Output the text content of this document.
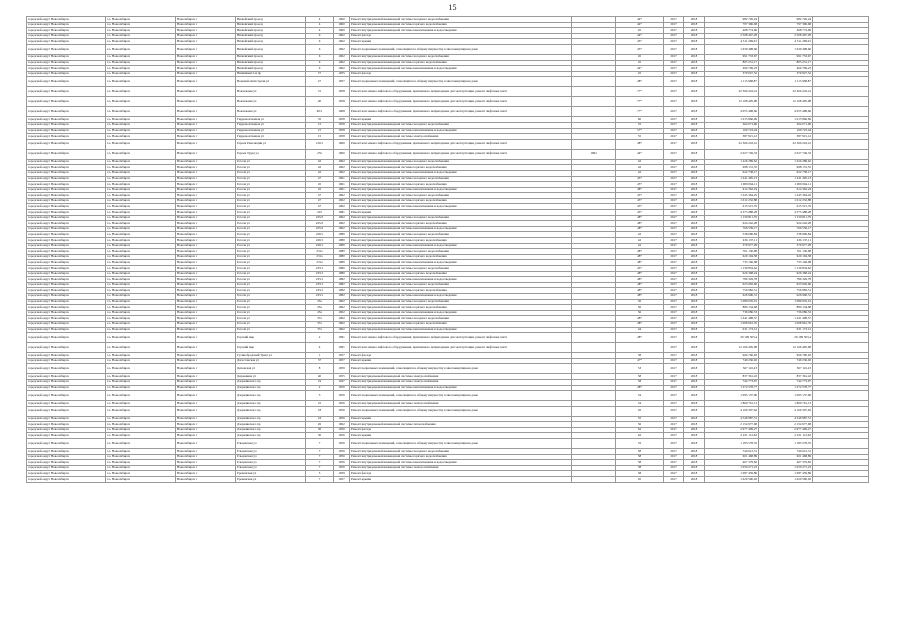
15
городской округ Новосибирск	г.о. Новосибирск	Новосибирск г	Вилюйский проезд	4	1960	Ремонт внутридомовой инженерной системы холодного водоснабжения		44*	2017	2018	982 726,24	982 726,24	
городской округ Новосибирск	г.о. Новосибирск	Новосибирск г	Вилюйский проезд	4	1960	Ремонт внутридомовой инженерной системы горячего водоснабжения		44*	2017	2018	797 396,68	797 396,68	
городской округ Новосибирск	г.о. Новосибирск	Новосибирск г	Вилюйский проезд	4	1960	Ремонт внутридомовой инженерной системы канализования и водоотведения		45	2017	2018	468 774,96	468 774,96	
городской округ Новосибирск	г.о. Новосибирск	Новосибирск г	Вилюйский проезд	6	1962	Ремонт фасада		44*	2017	2018	2 508 467,28	2 508 467,28	
городской округ Новосибирск	г.о. Новосибирск	Новосибирск г	Вилюйский проезд	6	1962	Ремонт крыши		45*	2017	2018	4 311 269,91	4 311 269,91	
городской округ Новосибирск	г.о. Новосибирск	Новосибирск г	Вилюйский проезд	6	1962	Ремонт подвальных помещений, относящихся к общему имуществу в многоквартирном доме		45*	2017	2018	1 639 498,66	1 639 498,66	
городской округ Новосибирск	г.о. Новосибирск	Новосибирск г	Вилюйский проезд	6	1962	Ремонт внутридомовой инженерной системы холодного водоснабжения		45	2017	2018	991 733,67	991 733,67	
городской округ Новосибирск	г.о. Новосибирск	Новосибирск г	Вилюйский проезд	6	1962	Ремонт внутридомовой инженерной системы горячего водоснабжения		45	2017	2018	805 231,17	805 231,17	
городской округ Новосибирск	г.о. Новосибирск	Новосибирск г	Вилюйский проезд	6	1962	Ремонт внутридомовой инженерной системы канализования и водоотведения		44*	2017	2018	466 769,23	466 769,23	
городской округ Новосибирск	г.о. Новосибирск	Новосибирск г	Вишнёвый 2-й пр	57	1955	Ремонт фасада		45	2017	2018	379 027,52	379 027,52	
городской округ Новосибирск	г.о. Новосибирск	Новосибирск г	Военной магистрали ул	27	1957	Ремонт подвальных помещений, относящихся к общему имуществу в многоквартирном доме		48*	2017	2018	1 115 968,87	1 115 968,87	
городской округ Новосибирск	г.о. Новосибирск	Новосибирск г	Вокзальная ул	31	1958	Ремонт или замена лифтового оборудования, признанного непригодным для эксплуатации, ремонт лифтовых шахт		77*	2017	2018	22 366 243,41	22 366 243,41	
городской округ Новосибирск	г.о. Новосибирск	Новосибирск г	Вокзальная ул	40	1958	Ремонт или замена лифтового оборудования, признанного непригодным для эксплуатации, ремонт лифтовых шахт		77*	2017	2018	12 168 495,98	12 168 495,98	
городской округ Новосибирск	г.о. Новосибирск	Новосибирск г	Вокзальная ул	40/1	1968	Ремонт или замена лифтового оборудования, признанного непригодным для эксплуатации, ремонт лифтовых шахт		77*	2017	2018	4 055 498,66	4 055 498,66	
городской округ Новосибирск	г.о. Новосибирск	Новосибирск г	Гидромонтажная ул	35	1958	Ремонт крыши		60	2017	2018	1 015 866,69	1 015 866,69	
городской округ Новосибирск	г.о. Новосибирск	Новосибирск г	Гидромонтажная ул	15	1958	Ремонт внутридомовой инженерной системы холодного водоснабжения		55	2017	2018	364 071,96	364 071,96	
городской округ Новосибирск	г.о. Новосибирск	Новосибирск г	Гидромонтажная ул	15	1958	Ремонт внутридомовой инженерной системы канализования и водоотведения		57*	2017	2018	169 723,44	169 723,44	
городской округ Новосибирск	г.о. Новосибирск	Новосибирск г	Гидромонтажная ул	15	1958	Ремонт внутридомовой инженерной системы электроснабжения		55	2017	2018	387 915,12	387 915,12	
городской округ Новосибирск	г.о. Новосибирск	Новосибирск г	Героев Революции ул	120/1	1960	Ремонт или замена лифтового оборудования, признанного непригодным для эксплуатации, ремонт лифтовых шахт		48*	2017	2018	22 366 243,41	22 366 243,41	
городской округ Новосибирск	г.о. Новосибирск	Новосибирск г	Героев Труда ул	27к	1960	Ремонт или замена лифтового оборудования, признанного непригодным для эксплуатации, ремонт лифтовых шахт	1992	44*	2017	2018	2 027 749,33	2 027 749,33	
городской округ Новосибирск	г.о. Новосибирск	Новосибирск г	Гоголя ул	42	1962	Ремонт внутридомовой инженерной системы холодного водоснабжения		42	2017	2018	1 226 289,62	1 226 289,62	
городской округ Новосибирск	г.о. Новосибирск	Новосибирск г	Гоголя ул	42	1962	Ремонт внутридомовой инженерной системы горячего водоснабжения		42	2017	2018	998 131,55	998 131,55	
городской округ Новосибирск	г.о. Новосибирск	Новосибирск г	Гоголя ул	42	1962	Ремонт внутридомовой инженерной системы канализования и водоотведения		42	2017	2018	622 738,17	622 738,17	
городской округ Новосибирск	г.о. Новосибирск	Новосибирск г	Гоголя ул	47	1961	Ремонт внутридомовой инженерной системы холодного водоснабжения		45*	2017	2018	1 241 495,13	1 241 495,13	
городской округ Новосибирск	г.о. Новосибирск	Новосибирск г	Гоголя ул	45	1961	Ремонт внутридомовой инженерной системы горячего водоснабжения		45*	2017	2018	1 009 064,11	1 009 064,11	
городской округ Новосибирск	г.о. Новосибирск	Новосибирск г	Гоголя ул	45	1961	Ремонт внутридомовой инженерной системы канализования и водоотведения		48*	2017	2018	614 362,24	614 362,24	
городской округ Новосибирск	г.о. Новосибирск	Новосибирск г	Гоголя ул	47	1962	Ремонт внутридомовой инженерной системы холодного водоснабжения		45*	2017	2018	1 245 364,45	1 245 364,45	
городской округ Новосибирск	г.о. Новосибирск	Новосибирск г	Гоголя ул	47	1962	Ремонт внутридомовой инженерной системы горячего водоснабжения		45*	2017	2018	1 012 232,88	1 012 232,88	
городской округ Новосибирск	г.о. Новосибирск	Новосибирск г	Гоголя ул	47	1962	Ремонт внутридомовой инженерной системы канализования и водоотведения		45*	2017	2018	615 515,76	615 515,76	
городской округ Новосибирск	г.о. Новосибирск	Новосибирск г	Гоголя ул	225	1981	Ремонт крыши		45*	2017	2018	4 373 488,28	4 373 488,28	
городской округ Новосибирск	г.о. Новосибирск	Новосибирск г	Гоголя ул	225/2	1962	Ремонт внутридомовой инженерной системы холодного водоснабжения		48*	2017	2018	1 150 811,79	1 150 811,79	
городской округ Новосибирск	г.о. Новосибирск	Новосибирск г	Гоголя ул	225/2	1962	Ремонт внутридомовой инженерной системы горячего водоснабжения		48*	2017	2018	924 242,28	924 242,28	
городской округ Новосибирск	г.о. Новосибирск	Новосибирск г	Гоголя ул	225/2	1962	Ремонт внутридомовой инженерной системы канализования и водоотведения		48*	2017	2018	766 539,17	766 539,17	
городской округ Новосибирск	г.о. Новосибирск	Новосибирск г	Гоголя ул	229/1	1980	Ремонт внутридомовой инженерной системы холодного водоснабжения		42	2017	2018	538 096,84	538 096,84	
городской округ Новосибирск	г.о. Новосибирск	Новосибирск г	Гоголя ул	229/1	1980	Ремонт внутридомовой инженерной системы горячего водоснабжения		42	2017	2018	436 137,11	436 137,11	
городской округ Новосибирск	г.о. Новосибирск	Новосибирск г	Гоголя ул	229/1	1980	Ремонт внутридомовой инженерной системы канализования и водоотведения		42	2017	2018	379 977,28	379 977,28	
городской округ Новосибирск	г.о. Новосибирск	Новосибирск г	Гоголя ул	231а	1980	Ремонт внутридомовой инженерной системы холодного водоснабжения		48*	2017	2018	761 130,98	761 130,98	
городской округ Новосибирск	г.о. Новосибирск	Новосибирск г	Гоголя ул	231а	1980	Ремонт внутридомовой инженерной системы горячего водоснабжения		48*	2017	2018	620 194,58	620 194,58	
городской округ Новосибирск	г.о. Новосибирск	Новосибирск г	Гоголя ул	231а	1980	Ремонт внутридомовой инженерной системы канализования и водоотведения		48*	2017	2018	733 166,08	733 166,08	
городской округ Новосибирск	г.о. Новосибирск	Новосибирск г	Гоголя ул	233/1	1980	Ремонт внутридомовой инженерной системы холодного водоснабжения		45*	2017	2018	1 139 834,62	1 139 834,62	
городской округ Новосибирск	г.о. Новосибирск	Новосибирск г	Гоголя ул	233/1	1980	Ремонт внутридомовой инженерной системы горячего водоснабжения		48*	2017	2018	926 368,24	926 368,24	
городской округ Новосибирск	г.о. Новосибирск	Новосибирск г	Гоголя ул	233/1	1982	Ремонт внутридомовой инженерной системы канализования и водоотведения		48*	2017	2018	786 329,78	786 329,78	
городской округ Новосибирск	г.о. Новосибирск	Новосибирск г	Гоголя ул	233/1	1982	Ремонт внутридомовой инженерной системы холодного водоснабжения		48*	2017	2018	923 602,66	923 602,66	
городской округ Новосибирск	г.о. Новосибирск	Новосибирск г	Гоголя ул	233/1	1982	Ремонт внутридомовой инженерной системы горячего водоснабжения		48*	2017	2018	756 982,51	756 982,51	
городской округ Новосибирск	г.о. Новосибирск	Новосибирск г	Гоголя ул	233/1	1982	Ремонт внутридомовой инженерной системы канализования и водоотведения		48*	2017	2018	626 906,31	626 906,31	
городской округ Новосибирск	г.о. Новосибирск	Новосибирск г	Гоголя ул	23а	1962	Ремонт внутридомовой инженерной системы холодного водоснабжения		56	2017	2018	1 089 635,01	1 089 635,01	
городской округ Новосибирск	г.о. Новосибирск	Новосибирск г	Гоголя ул	23а	1962	Ремонт внутридомовой инженерной системы горячего водоснабжения		56	2017	2018	880 134,68	880 134,68	
городской округ Новосибирск	г.о. Новосибирск	Новосибирск г	Гоголя ул	23а	1962	Ремонт внутридомовой инженерной системы канализования и водоотведения		56	2017	2018	736 086,53	736 086,53	
городской округ Новосибирск	г.о. Новосибирск	Новосибирск г	Гоголя ул	37а	1962	Ремонт внутридомовой инженерной системы холодного водоснабжения		48*	2017	2018	1 241 498,57	1 241 498,57	
городской округ Новосибирск	г.о. Новосибирск	Новосибирск г	Гоголя ул	37а	1962	Ремонт внутридомовой инженерной системы горячего водоснабжения		48*	2017	2018	1 008 961,35	1 008 961,35	
городской округ Новосибирск	г.о. Новосибирск	Новосибирск г	Гоголя ул	37а	1962	Ремонт внутридомовой инженерной системы канализования и водоотведения		44	2017	2018	631 173,12	631 173,12	
городской округ Новосибирск	г.о. Новосибирск	Новосибирск г	Горский мкр	2	1991	Ремонт или замена лифтового оборудования, признанного непригодным для эксплуатации, ремонт лифтовых шахт		48*	2017	2018	29 199 503,4	29 199 503,4	
городской округ Новосибирск	г.о. Новосибирск	Новосибирск г	Горский мкр	4	1991	Ремонт или замена лифтового оборудования, признанного непригодным для эксплуатации, ремонт лифтовых шахт			2017	2018	12 166 495,98	12 166 495,98	
городской округ Новосибирск	г.о. Новосибирск	Новосибирск г	Гусинобродский Тракт ул	1	1957	Ремонт фасада		58	2017	2018	966 760,92	966 760,92	
городской округ Новосибирск	г.о. Новосибирск	Новосибирск г	Дагестанская ул	37	1957	Ремонт крыши		47*	2017	2018	749 236,92	749 236,92	
городской округ Новосибирск	г.о. Новосибирск	Новосибирск г	Деповская ул	8	1959	Ремонт подвальных помещений, относящихся к общему имуществу в многоквартирном доме		53	2017	2018	367 116,23	367 116,23	
городской округ Новосибирск	г.о. Новосибирск	Новосибирск г	Державина ул	40	1955	Ремонт внутридомовой инженерной системы электроснабжения		58	2017	2018	837 361,43	837 361,43	
городской округ Новосибирск	г.о. Новосибирск	Новосибирск г	Дзержинского пр	19	1947	Ремонт внутридомовой инженерной системы электроснабжения		58	2017	2018	744 773,97	744 773,97	
городской округ Новосибирск	г.о. Новосибирск	Новосибирск г	Дзержинского пр	2	1956	Ремонт внутридомовой инженерной системы канализования и водоотведения		48*	2017	2018	1 274 578,77	1 274 578,77	
городской округ Новосибирск	г.о. Новосибирск	Новосибирск г	Дзержинского пр	3	1956	Ремонт подвальных помещений, относящихся к общему имуществу в многоквартирном доме		54	2017	2018	1 095 137,96	1 095 137,96	
городской округ Новосибирск	г.о. Новосибирск	Новосибирск г	Дзержинского пр	10	1956	Ремонт внутридомовой инженерной системы электроснабжения		54	2017	2018	1 860 761,13	1 860 761,13	
городской округ Новосибирск	г.о. Новосибирск	Новосибирск г	Дзержинского пр	18	1956	Ремонт подвальных помещений, относящихся к общему имуществу в многоквартирном доме		45	2017	2018	4 169 307,62	4 169 307,62	
городской округ Новосибирск	г.о. Новосибирск	Новосибирск г	Дзержинского пр	24	1956	Ремонт крыши		55	2017	2018	4 549 987,51	4 549 987,51	
городской округ Новосибирск	г.о. Новосибирск	Новосибирск г	Дзержинского пр	26	1962	Ремонт внутридомовой инженерной системы теплоснабжения		56	2017	2018	2 154 977,68	2 154 977,68	
городской округ Новосибирск	г.о. Новосибирск	Новосибирск г	Дзержинского пр	30	1956	Ремонт фасада		62	2017	2018	2 977 409,27	2 977 409,27	
городской округ Новосибирск	г.о. Новосибирск	Новосибирск г	Дзержинского пр	30	1956	Ремонт крыши		62	2017	2018	2 221 112,62	2 221 112,62	
городской округ Новосибирск	г.о. Новосибирск	Новосибирск г	Ельцовская ул	7	1956	Ремонт подвальных помещений, относящихся к общему имуществу в многоквартирном доме		52	2017	2018	1 183 578,55	1 183 578,55	
городской округ Новосибирск	г.о. Новосибирск	Новосибирск г	Ельцовская ул	7	1956	Ремонт внутридомовой инженерной системы холодного водоснабжения		58	2017	2018	740 612,31	740 612,31	
городской округ Новосибирск	г.о. Новосибирск	Новосибирск г	Ельцовская ул	7	1956	Ремонт внутридомовой инженерной системы горячего водоснабжения		58	2017	2018	601 468,89	601 468,89	
городской округ Новосибирск	г.о. Новосибирск	Новосибирск г	Ельцовская ул	7	1956	Ремонт внутридомовой инженерной системы канализования и водоотведения		58	2017	2018	467 379,82	467 379,82	
городской округ Новосибирск	г.о. Новосибирск	Новосибирск г	Ельцовская ул	7	1956	Ремонт внутридомовой инженерной системы электроснабжения		58	2017	2018	1 050 271,23	1 050 271,23	
городской округ Новосибирск	г.о. Новосибирск	Новосибирск г	Ереванская ул	5	1959	Ремонт фасада		58	2017	2018	1 087 459,89	1 087 459,89	
городской округ Новосибирск	г.о. Новосибирск	Новосибирск г	Ереванская ул	7	1957	Ремонт крыши		65	2017	2018	1 620 590,02	1 620 590,02	
